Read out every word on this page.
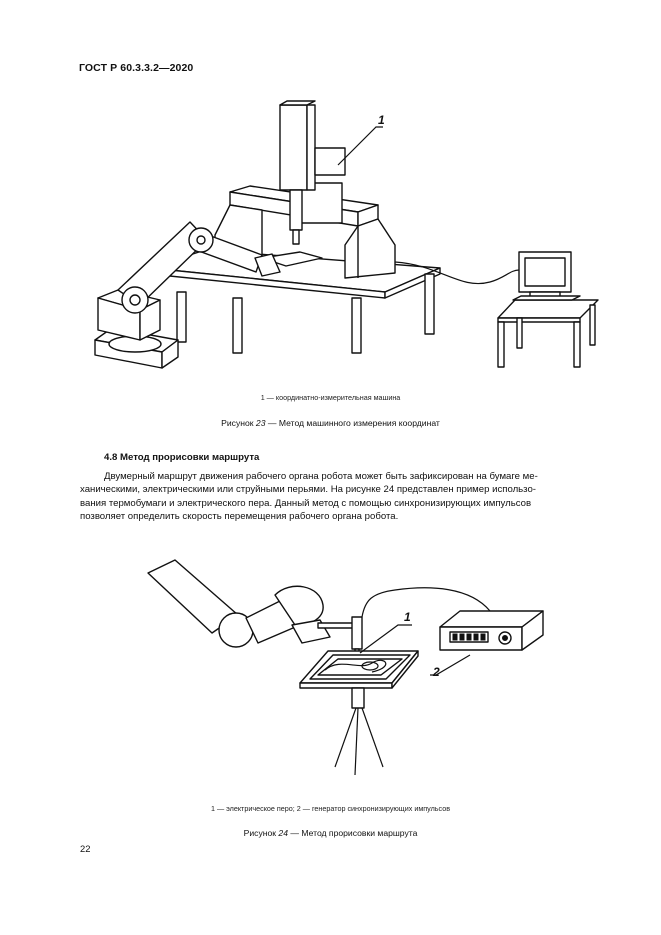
ГОСТ Р 60.3.3.2—2020
1
1 — координатно-измерительная машина
Рисунок 23 — Метод машинного измерения координат
4.8 Метод прорисовки маршрута
Двумерный маршрут движения рабочего органа робота может быть зафиксирован на бумаге ме-
ханическими, электрическими или струйными перьями. На рисунке 24 представлен пример использо-
вания термобумаги и электрического пера. Данный метод с помощью синхронизирующих импульсов
позволяет определить скорость перемещения рабочего органа робота.
1
2
1 — электрическое перо; 2 — генератор синхронизирующих импульсов
Рисунок 24 — Метод прорисовки маршрута
22
